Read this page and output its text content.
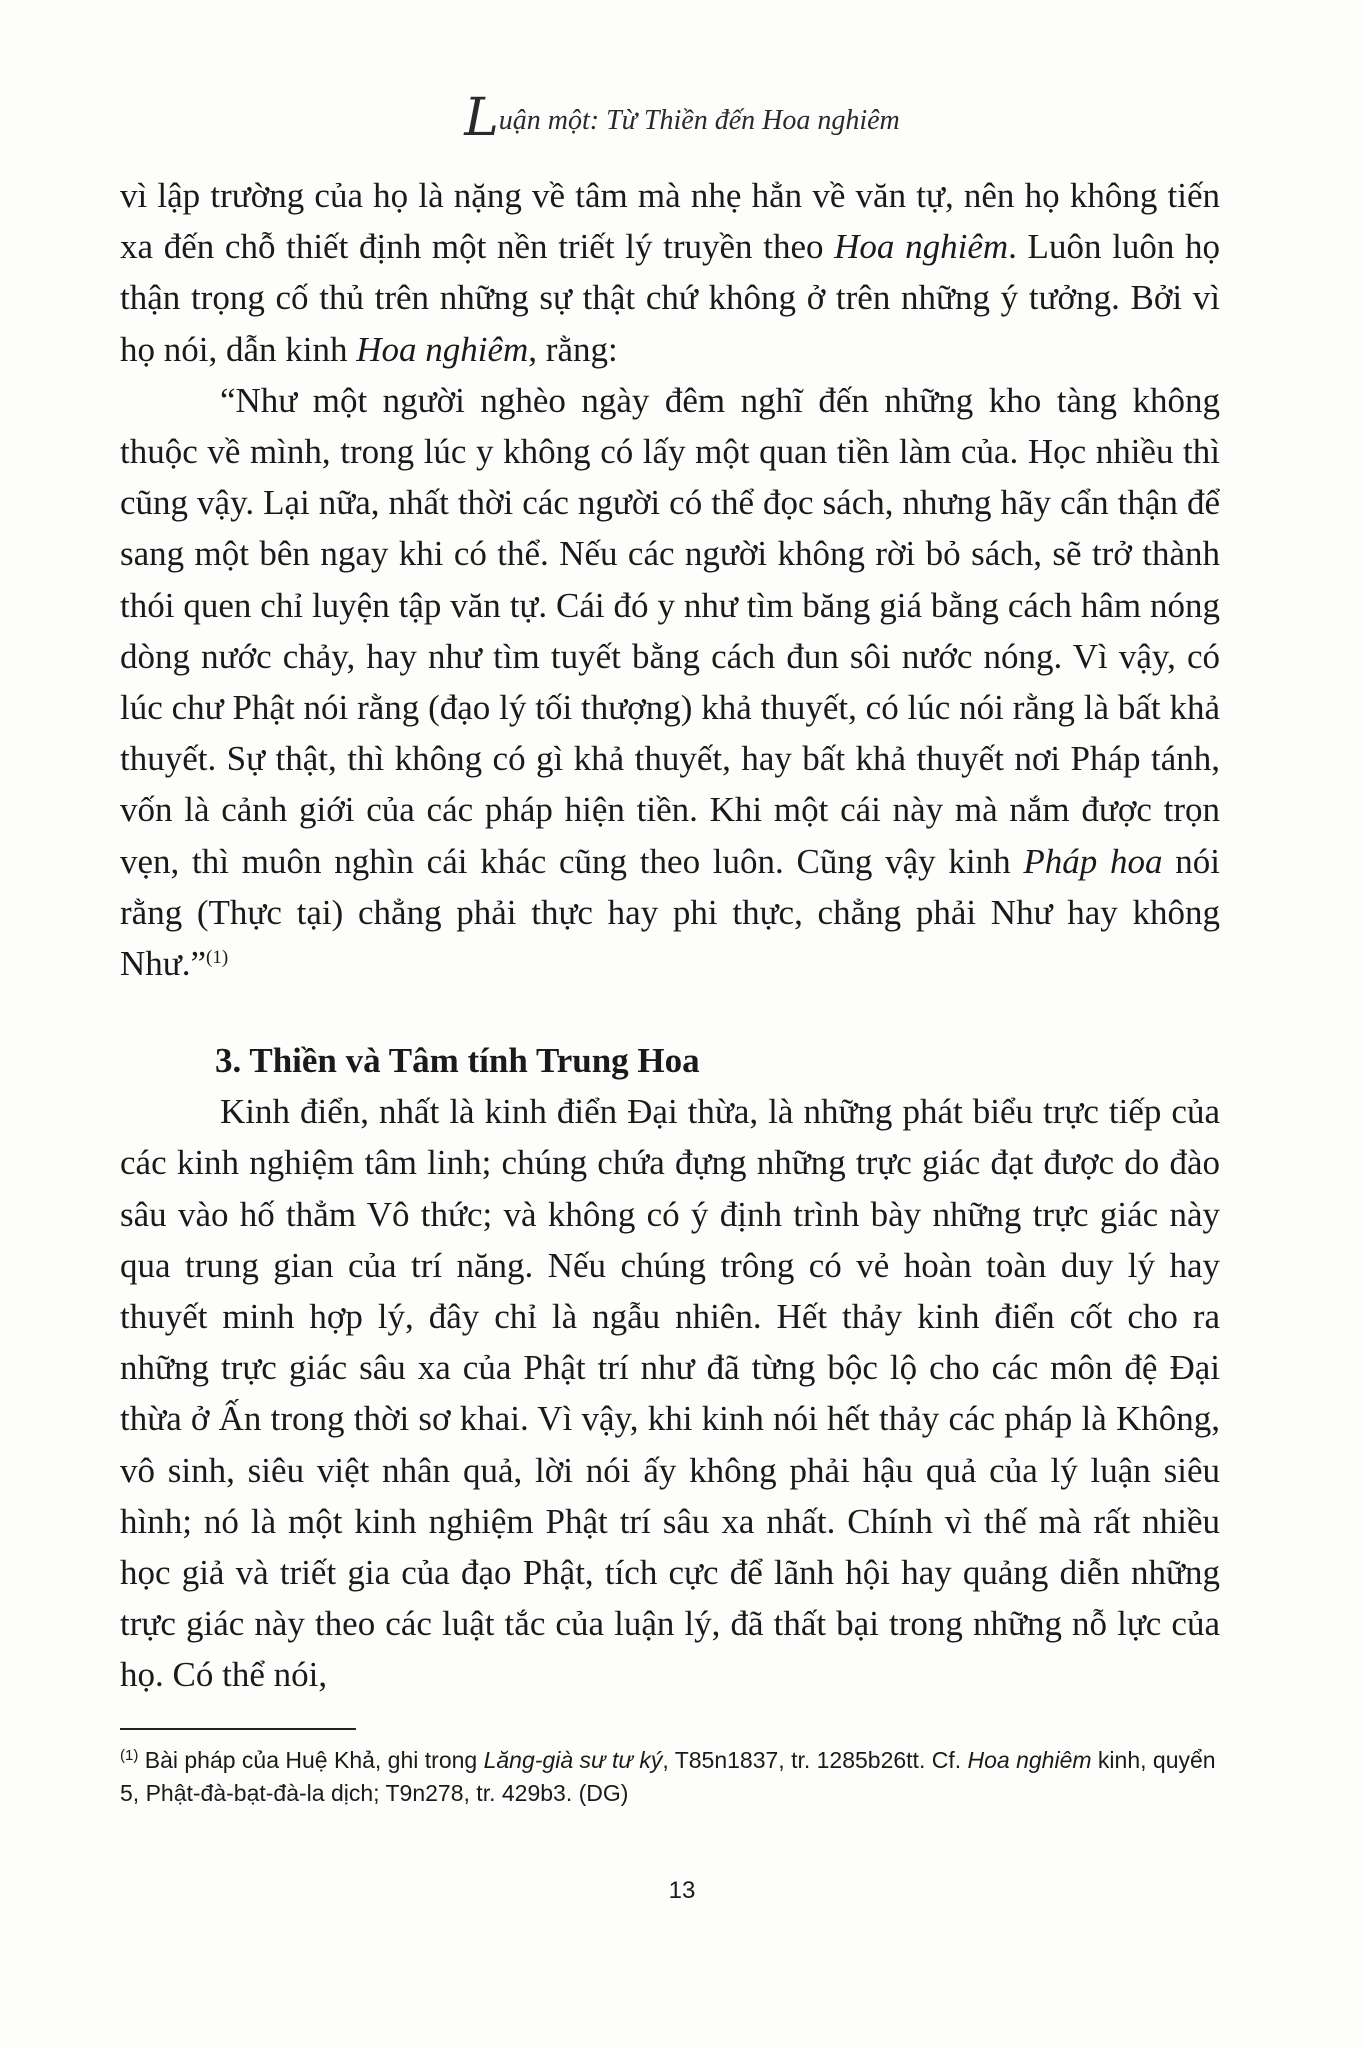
Luận một: Từ Thiền đến Hoa nghiêm

vì lập trường của họ là nặng về tâm mà nhẹ hẳn về văn tự, nên họ không tiến xa đến chỗ thiết định một nền triết lý truyền theo Hoa nghiêm. Luôn luôn họ thận trọng cố thủ trên những sự thật chứ không ở trên những ý tưởng. Bởi vì họ nói, dẫn kinh Hoa nghiêm, rằng:

“Như một người nghèo ngày đêm nghĩ đến những kho tàng không thuộc về mình, trong lúc y không có lấy một quan tiền làm của. Học nhiều thì cũng vậy. Lại nữa, nhất thời các người có thể đọc sách, nhưng hãy cẩn thận để sang một bên ngay khi có thể. Nếu các người không rời bỏ sách, sẽ trở thành thói quen chỉ luyện tập văn tự. Cái đó y như tìm băng giá bằng cách hâm nóng dòng nước chảy, hay như tìm tuyết bằng cách đun sôi nước nóng. Vì vậy, có lúc chư Phật nói rằng (đạo lý tối thượng) khả thuyết, có lúc nói rằng là bất khả thuyết. Sự thật, thì không có gì khả thuyết, hay bất khả thuyết nơi Pháp tánh, vốn là cảnh giới của các pháp hiện tiền. Khi một cái này mà nắm được trọn vẹn, thì muôn nghìn cái khác cũng theo luôn. Cũng vậy kinh Pháp hoa nói rằng (Thực tại) chẳng phải thực hay phi thực, chẳng phải Như hay không Như.”$^{(1)}$

3. Thiền và Tâm tính Trung Hoa

Kinh điển, nhất là kinh điển Đại thừa, là những phát biểu trực tiếp của các kinh nghiệm tâm linh; chúng chứa đựng những trực giác đạt được do đào sâu vào hố thẳm Vô thức; và không có ý định trình bày những trực giác này qua trung gian của trí năng. Nếu chúng trông có vẻ hoàn toàn duy lý hay thuyết minh hợp lý, đây chỉ là ngẫu nhiên. Hết thảy kinh điển cốt cho ra những trực giác sâu xa của Phật trí như đã từng bộc lộ cho các môn đệ Đại thừa ở Ấn trong thời sơ khai. Vì vậy, khi kinh nói hết thảy các pháp là Không, vô sinh, siêu việt nhân quả, lời nói ấy không phải hậu quả của lý luận siêu hình; nó là một kinh nghiệm Phật trí sâu xa nhất. Chính vì thế mà rất nhiều học giả và triết gia của đạo Phật, tích cực để lãnh hội hay quảng diễn những trực giác này theo các luật tắc của luận lý, đã thất bại trong những nỗ lực của họ. Có thể nói,

$^{(1)}$ Bài pháp của Huệ Khả, ghi trong Lăng-già sư tư ký, T85n1837, tr. 1285b26tt. Cf. Hoa nghiêm kinh, quyển 5, Phật-đà-bạt-đà-la dịch; T9n278, tr. 429b3. (DG)
13
